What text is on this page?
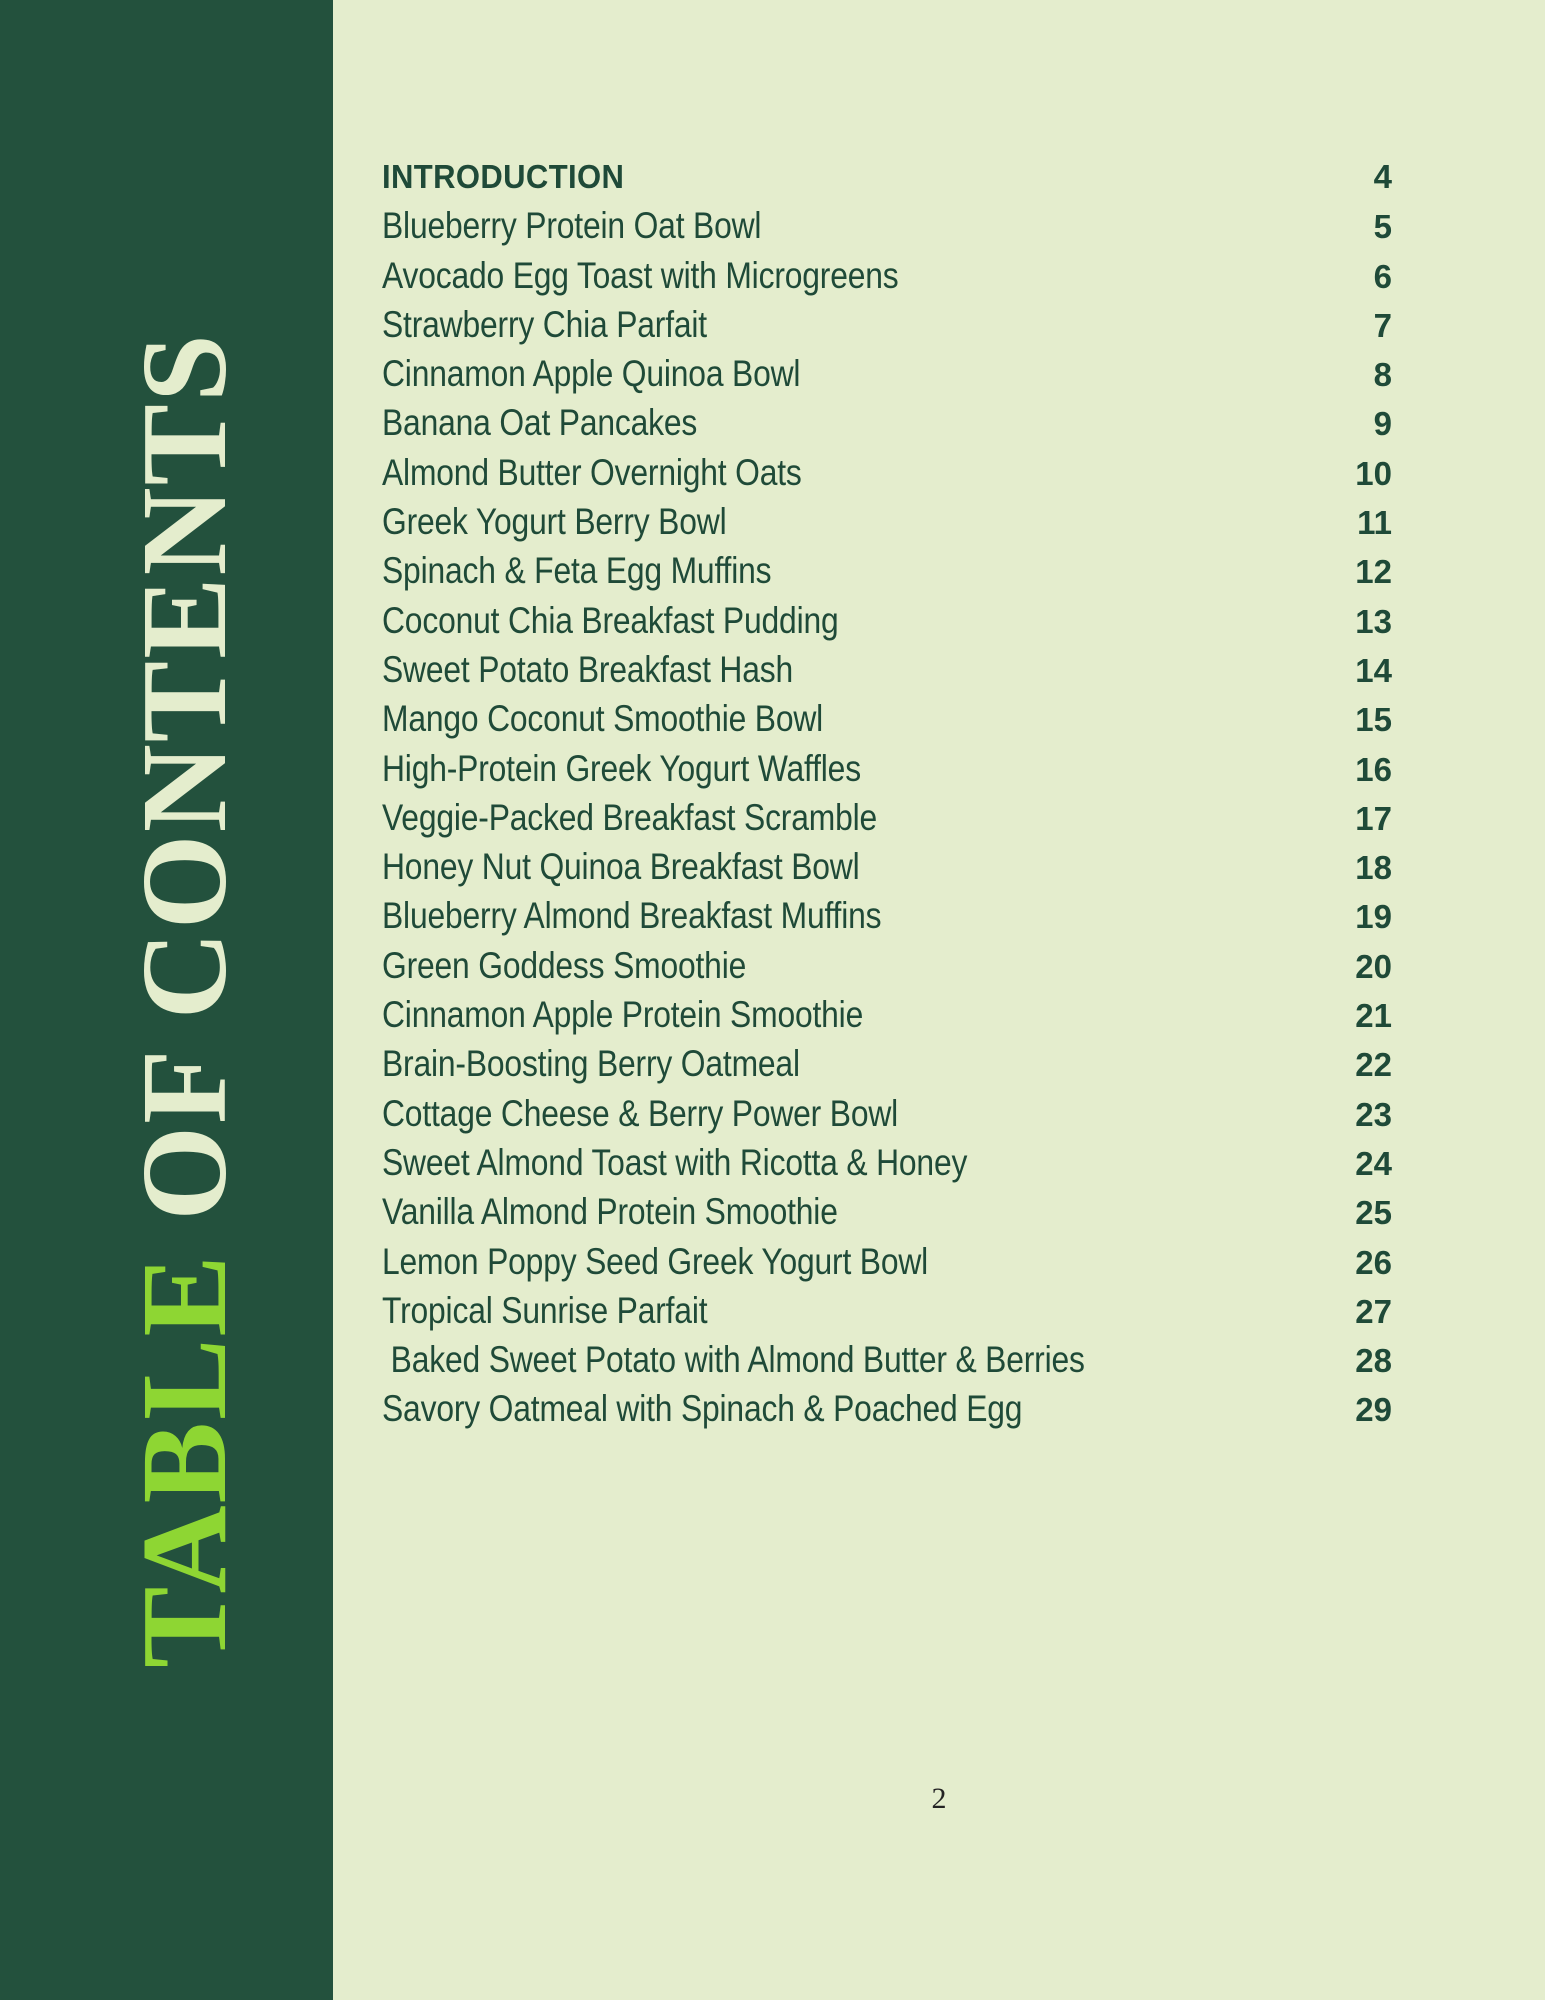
TABLE OF CONTENTS
INTRODUCTION	4
Blueberry Protein Oat Bowl	5
Avocado Egg Toast with Microgreens	6
Strawberry Chia Parfait	7
Cinnamon Apple Quinoa Bowl	8
Banana Oat Pancakes	9
Almond Butter Overnight Oats	10
Greek Yogurt Berry Bowl	11
Spinach & Feta Egg Muffins	12
Coconut Chia Breakfast Pudding	13
Sweet Potato Breakfast Hash	14
Mango Coconut Smoothie Bowl	15
High-Protein Greek Yogurt Waffles	16
Veggie-Packed Breakfast Scramble	17
Honey Nut Quinoa Breakfast Bowl	18
Blueberry Almond Breakfast Muffins	19
Green Goddess Smoothie	20
Cinnamon Apple Protein Smoothie	21
Brain-Boosting Berry Oatmeal	22
Cottage Cheese & Berry Power Bowl	23
Sweet Almond Toast with Ricotta & Honey	24
Vanilla Almond Protein Smoothie	25
Lemon Poppy Seed Greek Yogurt Bowl	26
Tropical Sunrise Parfait	27
Baked Sweet Potato with Almond Butter & Berries	28
Savory Oatmeal with Spinach & Poached Egg	29
2
